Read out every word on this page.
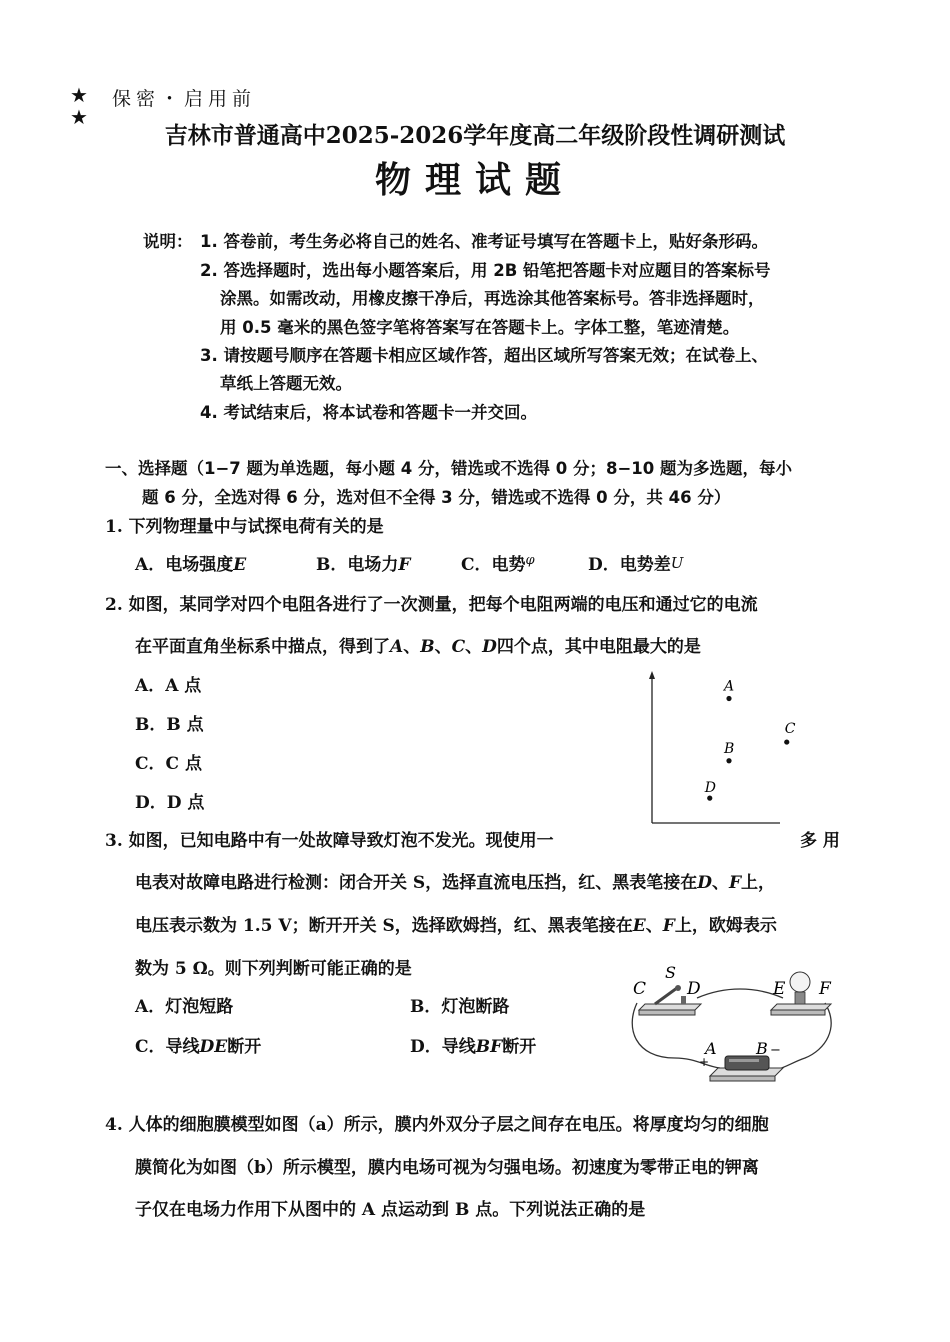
★ ★
保密・启用前
吉林市普通高中2025-2026学年度高二年级阶段性调研测试
物理试题
说明： 1. 答卷前，考生务必将自己的姓名、准考证号填写在答题卡上，贴好条形码。
2. 答选择题时，选出每小题答案后，用 2B 铅笔把答题卡对应题目的答案标号
涂黑。如需改动，用橡皮擦干净后，再选涂其他答案标号。答非选择题时，
用 0.5 毫米的黑色签字笔将答案写在答题卡上。字体工整，笔迹清楚。
3. 请按题号顺序在答题卡相应区域作答，超出区域所写答案无效；在试卷上、
草纸上答题无效。
4. 考试结束后，将本试卷和答题卡一并交回。
一、选择题（1−7 题为单选题，每小题 4 分，错选或不选得 0 分；8−10 题为多选题，每小
题 6 分，全选对得 6 分，选对但不全得 3 分，错选或不选得 0 分，共 46 分）
1. 下列物理量中与试探电荷有关的是
A．电场强度E	B．电场力F	C．电势$^\varphi$	D．电势差U
2. 如图，某同学对四个电阻各进行了一次测量，把每个电阻两端的电压和通过它的电流
在平面直角坐标系中描点，得到了A、B、C、D四个点，其中电阻最大的是
A．A 点
B．B 点
C．C 点
D．D 点
A
B
C
D
3. 如图，已知电路中有一处故障导致灯泡不发光。现使用一	多 用
电表对故障电路进行检测：闭合开关 S，选择直流电压挡，红、黑表笔接在D、F上，
电压表示数为 1.5 V；断开开关 S，选择欧姆挡，红、黑表笔接在E、F上，欧姆表示
数为 5 Ω。则下列判断可能正确的是
A．灯泡短路	B．灯泡断路
C．导线DE断开	D．导线BF断开
S
C D	E F
A B
+
−
4. 人体的细胞膜模型如图（a）所示，膜内外双分子层之间存在电压。将厚度均匀的细胞
膜简化为如图（b）所示模型，膜内电场可视为匀强电场。初速度为零带正电的钾离
子仅在电场力作用下从图中的 A 点运动到 B 点。下列说法正确的是
